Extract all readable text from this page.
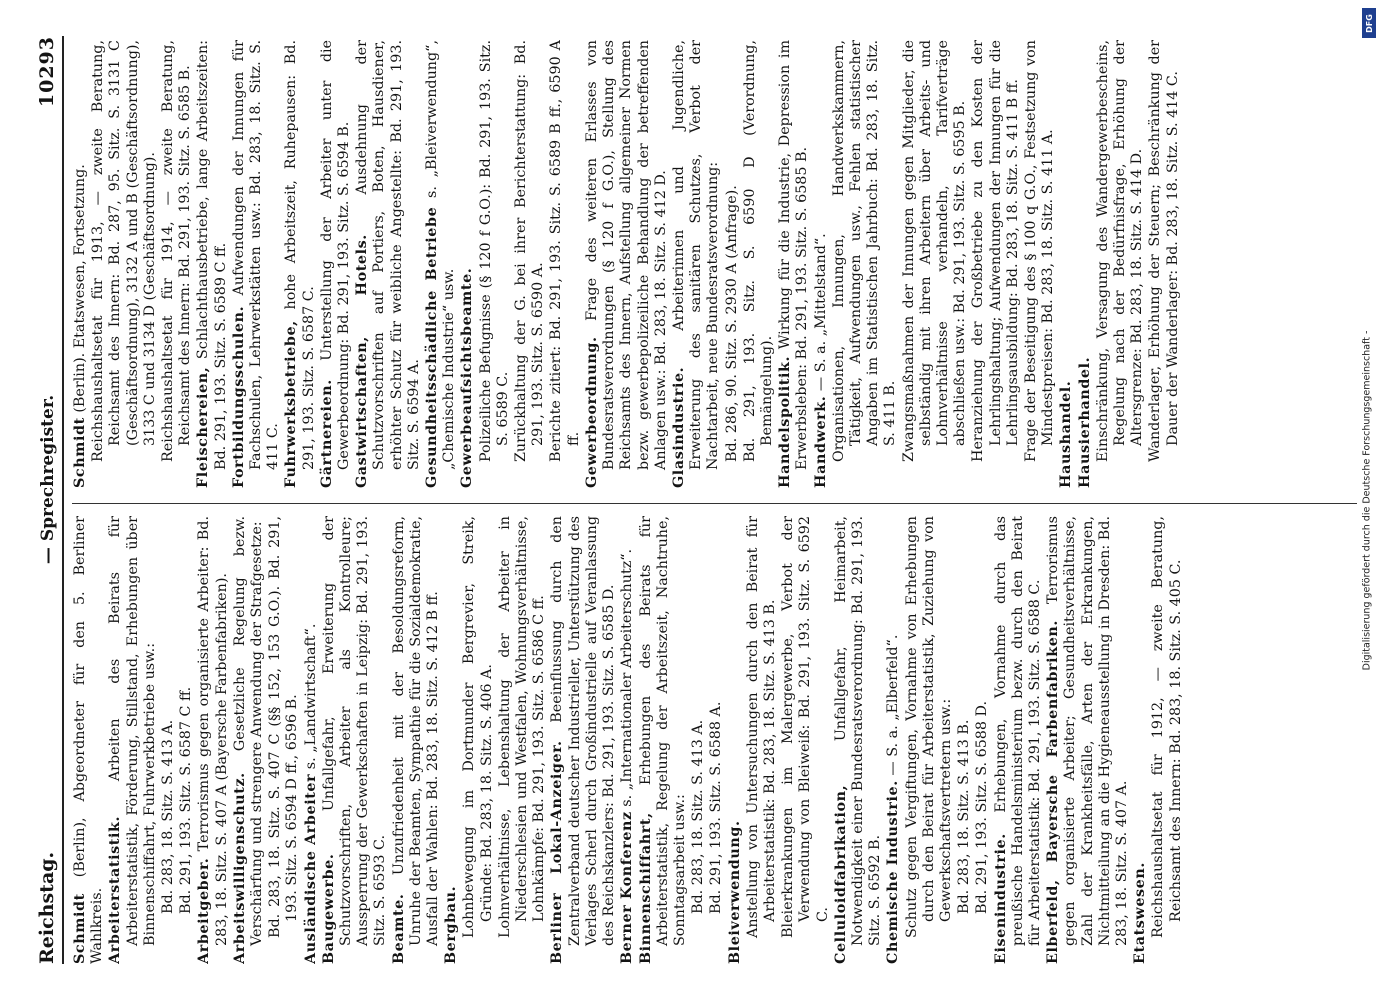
Reichstag.
— Sprechregister.
10293

Schmidt (Berlin), Abgeordneter für den 5. Berliner Wahlkreis. Arbeiterstatistik. Arbeiten des Beirats für Arbeiterstatistik, Förderung, Stillstand, Erhebungen über Binnenschiffahrt, Fuhrwerkbetriebe usw.: Bd. 283, 18. Sitz. S. 413 A. Bd. 291, 193. Sitz. S. 6587 C ff. Arbeitgeber. Terrorismus gegen organisierte Arbeiter: Bd. 283, 18. Sitz. S. 407 A (Bayersche Farbenfabriken). Arbeitswilligenschutz. Gesetzliche Regelung bezw. Verschärfung und strengere Anwendung der Strafgesetze: Bd. 283, 18. Sitz. S. 407 C (§§ 152, 153 G.O.). Bd. 291, 193. Sitz. S. 6594 D ff., 6596 B. Ausländische Arbeiter s. „Landwirtschaft“.

Baugewerbe. Unfallgefahr, Erweiterung der Schutzvorschriften, Arbeiter als Kontrolleure; Aussperrung der Gewerkschaften in Leipzig: Bd. 291, 193. Sitz. S. 6593 C. Beamte. Unzufriedenheit mit der Besoldungsreform, Unruhe der Beamten, Sympathie für die Sozialdemokratie, Ausfall der Wahlen: Bd. 283, 18. Sitz. S. 412 B ff. Bergbau. Lohnbewegung im Dortmunder Bergrevier, Streik, Gründe: Bd. 283, 18. Sitz. S. 406 A. Lohnverhältnisse, Lebenshaltung der Arbeiter in Niederschlesien und Westfalen, Wohnungsverhältnisse, Lohnkämpfe: Bd. 291, 193. Sitz. S. 6586 C ff. Berliner Lokal-Anzeiger. Beeinflussung durch den Zentralverband deutscher Industrieller, Unterstützung des Verlages Scherl durch Großindustrielle auf Veranlassung des Reichskanzlers: Bd. 291, 193. Sitz. S. 6585 D. Berner Konferenz s. „Internationaler Arbeiterschutz“.

Binnenschiffahrt, Erhebungen des Beirats für Arbeiterstatistik, Regelung der Arbeitszeit, Nachtruhe, Sonntagsarbeit usw.: Bd. 283, 18. Sitz. S. 413 A. Bd. 291, 193. Sitz. S. 6588 A. Bleiverwendung. Anstellung von Untersuchungen durch den Beirat für Arbeiterstatistik: Bd. 283, 18. Sitz. S. 413 B. Bleierkrankungen im Malergewerbe, Verbot der Verwendung von Bleiweiß: Bd. 291, 193. Sitz. S. 6592 C. Celluloidfabrikation, Unfallgefahr, Heimarbeit, Notwendigkeit einer Bundesratsverordnung: Bd. 291, 193. Sitz. S. 6592 B. Chemische Industrie. — S. a. „Elberfeld“. Schutz gegen Vergiftungen, Vornahme von Erhebungen durch den Beirat für Arbeiterstatistik, Zuziehung von Gewerkschaftsvertretern usw.: Bd. 283, 18. Sitz. S. 413 B. Bd. 291, 193. Sitz. S. 6588 D. Eisenindustrie. Erhebungen, Vornahme durch das preußische Handelsministerium bezw. durch den Beirat für Arbeiterstatistik: Bd. 291, 193. Sitz. S. 6588 C. Elberfeld, Bayersche Farbenfabriken. Terrorismus gegen organisierte Arbeiter; Gesundheitsverhältnisse, Zahl der Krankheitsfälle, Arten der Erkrankungen, Nichtmitteilung an die Hygieneausstellung in Dresden: Bd. 283, 18. Sitz. S. 407 A. Etatswesen. Reichshaushaltsetat für 1912, — zweite Beratung, Reichsamt des Innern: Bd. 283, 18. Sitz. S. 405 C.

Schmidt (Berlin). Etatswesen, Fortsetzung. Reichshaushaltsetat für 1913, — zweite Beratung, Reichsamt des Innern: Bd. 287, 95. Sitz. S. 3131 C (Geschäftsordnung), 3132 A und B (Geschäftsordnung), 3133 C und 3134 D (Geschäftsordnung). Reichshaushaltsetat für 1914, — zweite Beratung, Reichsamt des Innern: Bd. 291, 193. Sitz. S. 6585 B. Fleischereien, Schlachthausbetriebe, lange Arbeitszeiten: Bd. 291, 193. Sitz. S. 6589 C ff. Fortbildungsschulen. Aufwendungen der Innungen für Fachschulen, Lehrwerkstätten usw.: Bd. 283, 18. Sitz. S. 411 C. Fuhrwerksbetriebe, hohe Arbeitszeit, Ruhepausen: Bd. 291, 193. Sitz. S. 6587 C. Gärtnereien. Unterstellung der Arbeiter unter die Gewerbeordnung: Bd. 291, 193. Sitz. S. 6594 B. Gastwirtschaften, Hotels. Ausdehnung der Schutzvorschriften auf Portiers, Boten, Hausdiener, erhöhter Schutz für weibliche Angestellte: Bd. 291, 193. Sitz. S. 6594 A. Gesundheitsschädliche Betriebe s. „Bleiverwendung“, „Chemische Industrie“ usw. Gewerbeaufsichtsbeamte. Polizeiliche Befugnisse (§ 120 f G.O.): Bd. 291, 193. Sitz. S. 6589 C. Zurückhaltung der G. bei ihrer Berichterstattung: Bd. 291, 193. Sitz. S. 6590 A. Berichte zitiert: Bd. 291, 193. Sitz. S. 6589 B ff., 6590 A ff. Gewerbeordnung. Frage des weiteren Erlasses von Bundesratsverordnungen (§ 120 f G.O.), Stellung des Reichsamts des Innern, Aufstellung allgemeiner Normen bezw. gewerbepolizeiliche Behandlung der betreffenden Anlagen usw.: Bd. 283, 18. Sitz. S. 412 D. Glasindustrie. Arbeiterinnen und Jugendliche, Erweiterung des sanitären Schutzes, Verbot der Nachtarbeit, neue Bundesratsverordnung: Bd. 286, 90. Sitz. S. 2930 A (Anfrage). Bd. 291, 193. Sitz. S. 6590 D (Verordnung, Bemängelung). Handelspolitik. Wirkung für die Industrie, Depression im Erwerbsleben: Bd. 291, 193. Sitz. S. 6585 B. Handwerk. — S. a. „Mittelstand“. Organisationen, Innungen, Handwerkskammern, Tätigkeit, Aufwendungen usw., Fehlen statistischer Angaben im Statistischen Jahrbuch: Bd. 283, 18. Sitz. S. 411 B. Zwangsmaßnahmen der Innungen gegen Mitglieder, die selbständig mit ihren Arbeitern über Arbeits- und Lohnverhältnisse verhandeln, Tarifverträge abschließen usw.: Bd. 291, 193. Sitz. S. 6595 B. Heranziehung der Großbetriebe zu den Kosten der Lehrlingshaltung; Aufwendungen der Innungen für die Lehrlingsausbildung: Bd. 283, 18. Sitz. S. 411 B ff. Frage der Beseitigung des § 100 q G.O., Festsetzung von Mindestpreisen: Bd. 283, 18. Sitz. S. 411 A. Haushandel. Hausierhandel. Einschränkung, Versagung des Wandergewerbescheins, Regelung nach der Bedürfnisfrage, Erhöhung der Altersgrenze: Bd. 283, 18. Sitz. S. 414 D. Wanderlager, Erhöhung der Steuern; Beschränkung der Dauer der Wanderlager: Bd. 283, 18. Sitz. S. 414 C.

Digitalisierung gefördert durch die Deutsche Forschungsgemeinschaft -
DFG
